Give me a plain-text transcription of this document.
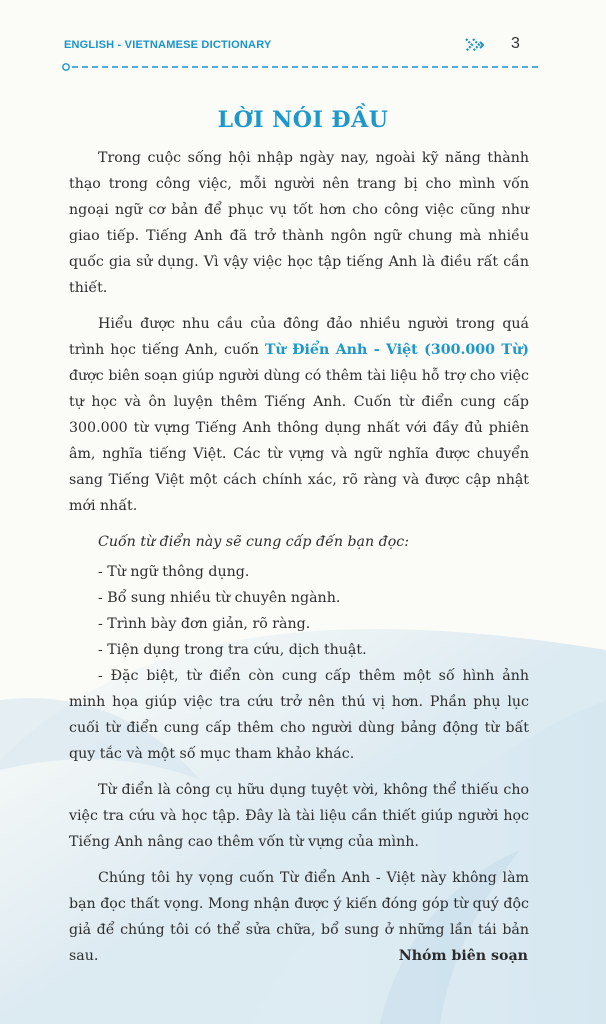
ENGLISH - VIETNAMESE DICTIONARY	3
LỜI NÓI ĐẦU

Trong cuộc sống hội nhập ngày nay, ngoài kỹ năng thành thạo trong công việc, mỗi người nên trang bị cho mình vốn ngoại ngữ cơ bản để phục vụ tốt hơn cho công việc cũng như giao tiếp. Tiếng Anh đã trở thành ngôn ngữ chung mà nhiều quốc gia sử dụng. Vì vậy việc học tập tiếng Anh là điều rất cần thiết.

Hiểu được nhu cầu của đông đảo nhiều người trong quá trình học tiếng Anh, cuốn Từ Điển Anh - Việt (300.000 Từ) được biên soạn giúp người dùng có thêm tài liệu hỗ trợ cho việc tự học và ôn luyện thêm Tiếng Anh. Cuốn từ điển cung cấp 300.000 từ vựng Tiếng Anh thông dụng nhất với đầy đủ phiên âm, nghĩa tiếng Việt. Các từ vựng và ngữ nghĩa được chuyển sang Tiếng Việt một cách chính xác, rõ ràng và được cập nhật mới nhất.

Cuốn từ điển này sẽ cung cấp đến bạn đọc:

- Từ ngữ thông dụng.
- Bổ sung nhiều từ chuyên ngành.
- Trình bày đơn giản, rõ ràng.
- Tiện dụng trong tra cứu, dịch thuật.

- Đặc biệt, từ điển còn cung cấp thêm một số hình ảnh minh họa giúp việc tra cứu trở nên thú vị hơn. Phần phụ lục cuối từ điển cung cấp thêm cho người dùng bảng động từ bất quy tắc và một số mục tham khảo khác.

Từ điển là công cụ hữu dụng tuyệt vời, không thể thiếu cho việc tra cứu và học tập. Đây là tài liệu cần thiết giúp người học Tiếng Anh nâng cao thêm vốn từ vựng của mình.

Chúng tôi hy vọng cuốn Từ điển Anh - Việt này không làm bạn đọc thất vọng. Mong nhận được ý kiến đóng góp từ quý độc giả để chúng tôi có thể sửa chữa, bổ sung ở những lần tái bản sau.	Nhóm biên soạn
